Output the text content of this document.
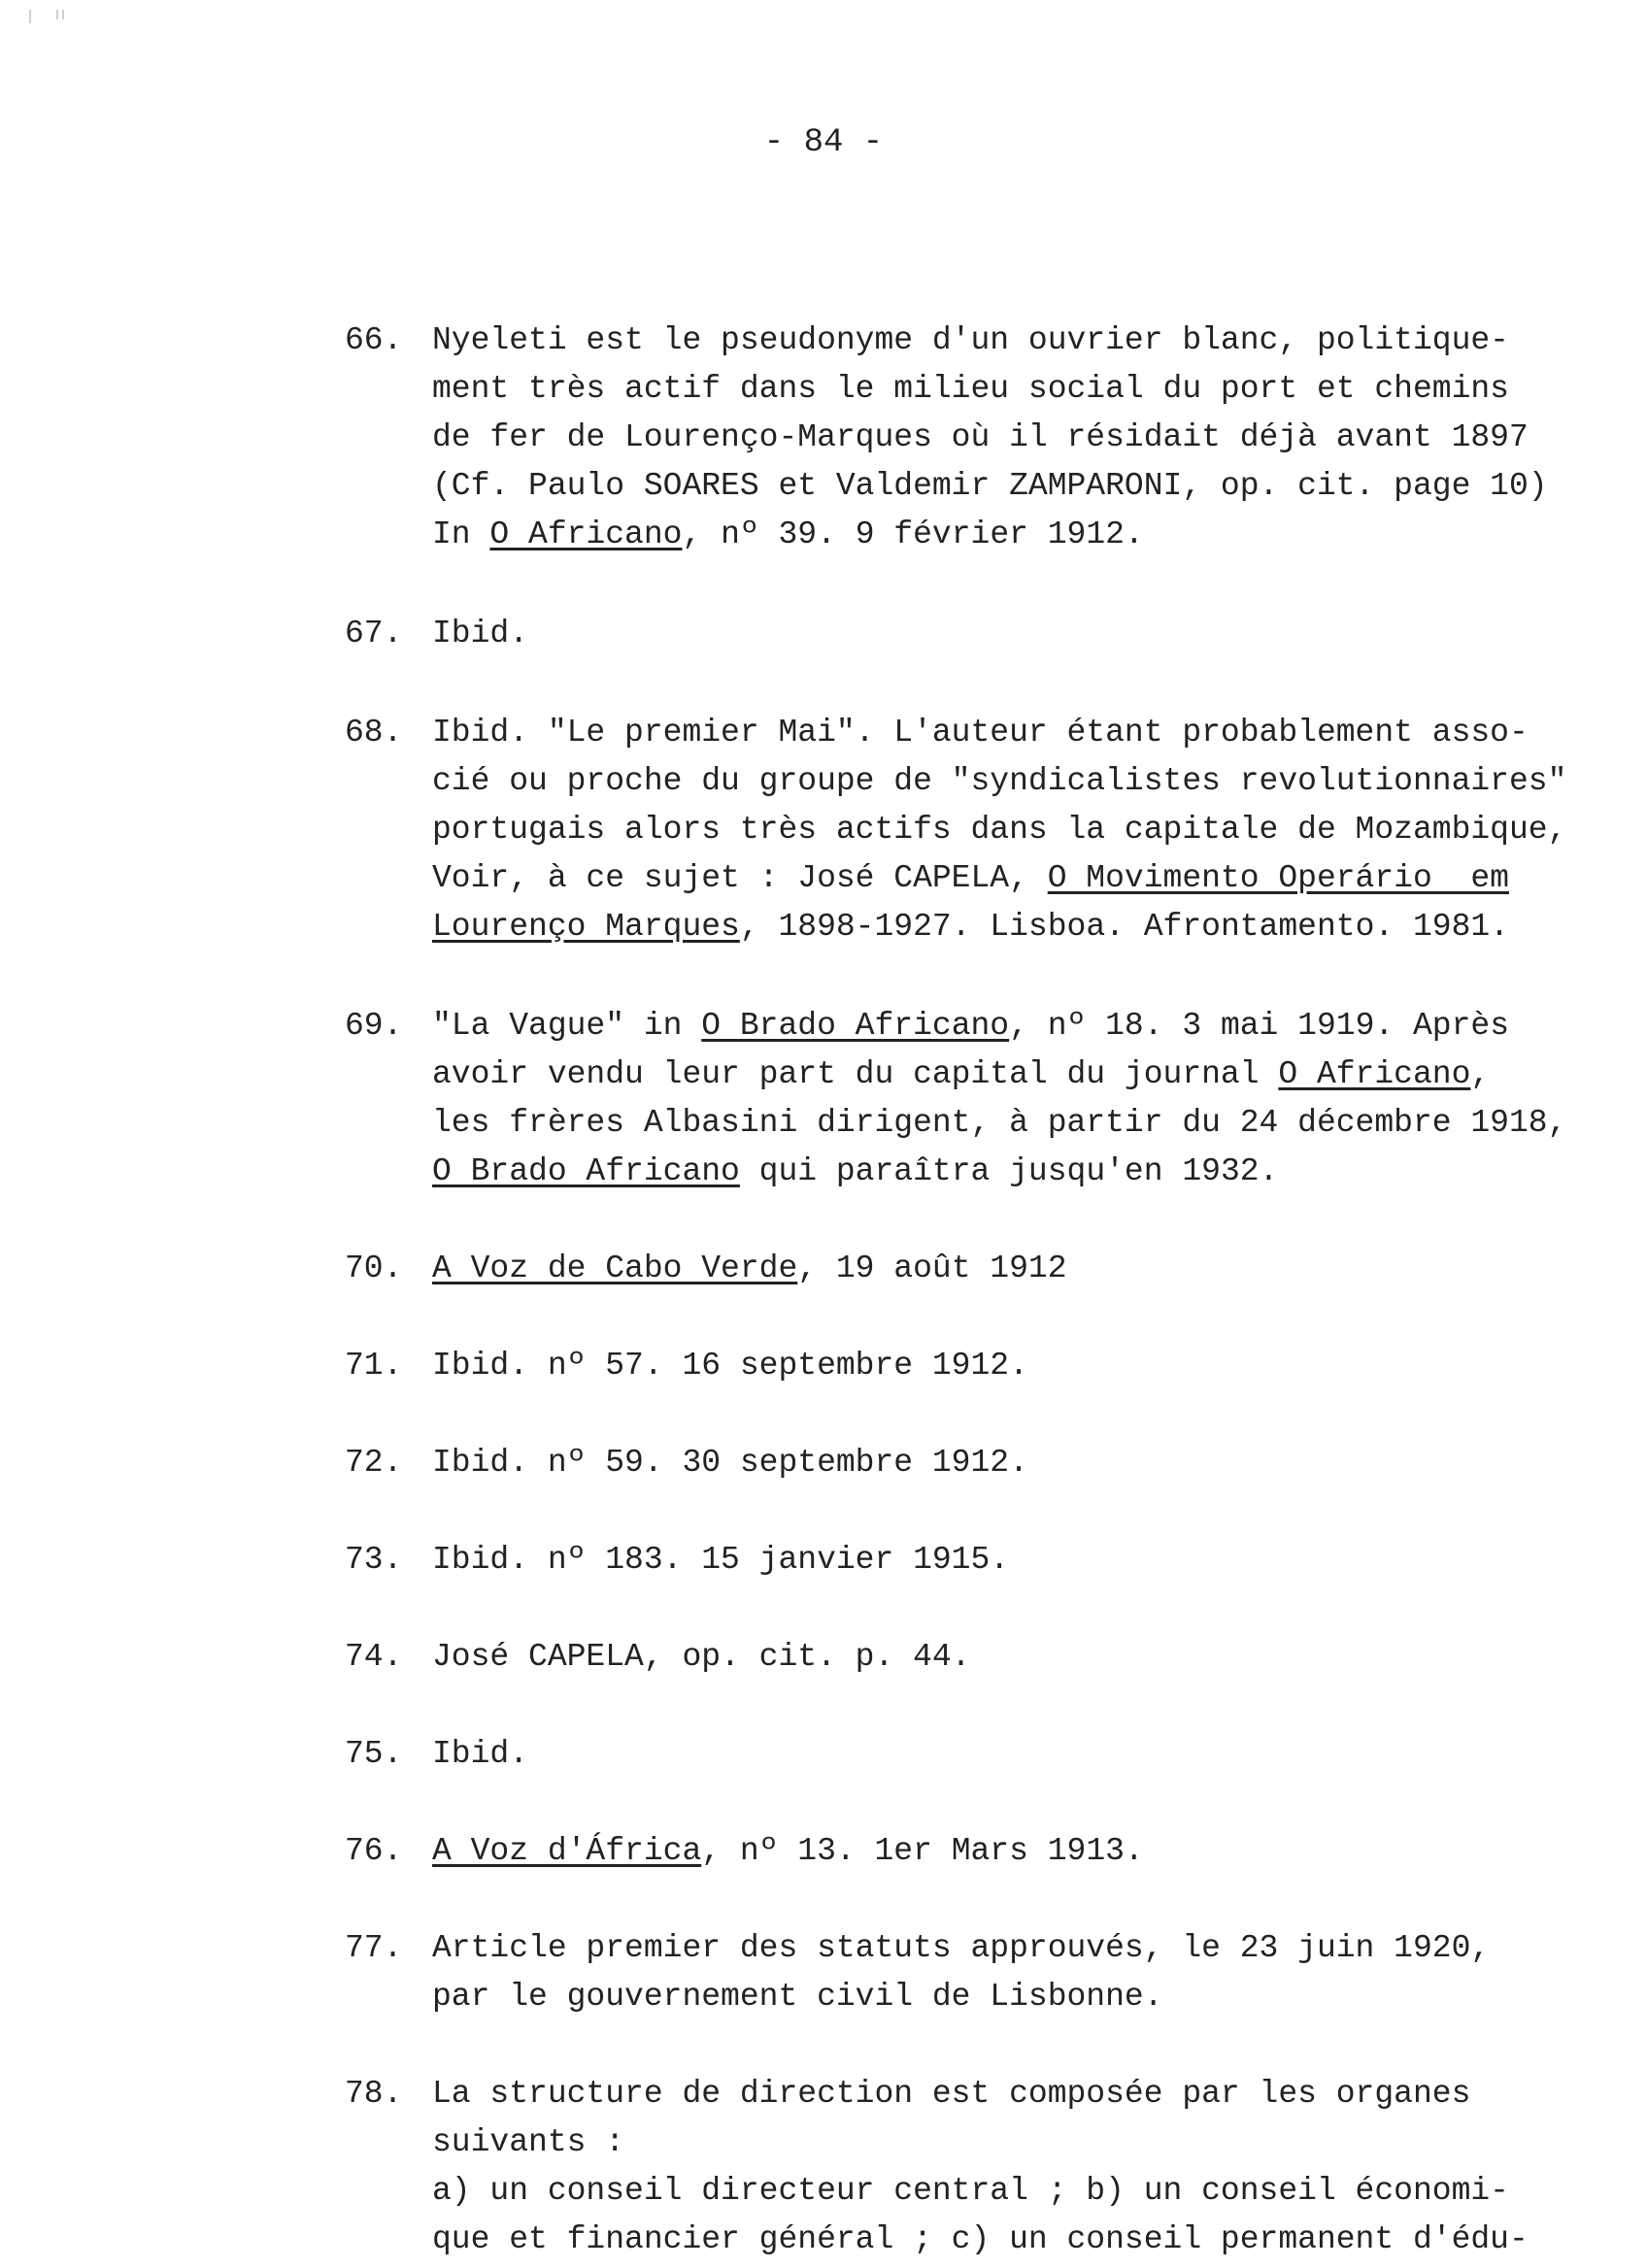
- 84 -
66. Nyeleti est le pseudonyme d'un ouvrier blanc, politique-
ment très actif dans le milieu social du port et chemins
de fer de Lourenço-Marques où il résidait déjà avant 1897
(Cf. Paulo SOARES et Valdemir ZAMPARONI, op. cit. page 10)
In O Africano, nº 39. 9 février 1912.
67. Ibid.
68. Ibid. "Le premier Mai". L'auteur étant probablement asso-
cié ou proche du groupe de "syndicalistes revolutionnaires"
portugais alors très actifs dans la capitale de Mozambique,
Voir, à ce sujet : José CAPELA, O Movimento Operário  em
Lourenço Marques, 1898-1927. Lisboa. Afrontamento. 1981.
69. "La Vague" in O Brado Africano, nº 18. 3 mai 1919. Après
avoir vendu leur part du capital du journal O Africano,
les frères Albasini dirigent, à partir du 24 décembre 1918,
O Brado Africano qui paraîtra jusqu'en 1932.
70. A Voz de Cabo Verde, 19 août 1912
71. Ibid. nº 57. 16 septembre 1912.
72. Ibid. nº 59. 30 septembre 1912.
73. Ibid. nº 183. 15 janvier 1915.
74. José CAPELA, op. cit. p. 44.
75. Ibid.
76. A Voz d'África, nº 13. 1er Mars 1913.
77. Article premier des statuts approuvés, le 23 juin 1920,
par le gouvernement civil de Lisbonne.
78. La structure de direction est composée par les organes
suivants :
a) un conseil directeur central ; b) un conseil économi-
que et financier général ; c) un conseil permanent d'édu-
